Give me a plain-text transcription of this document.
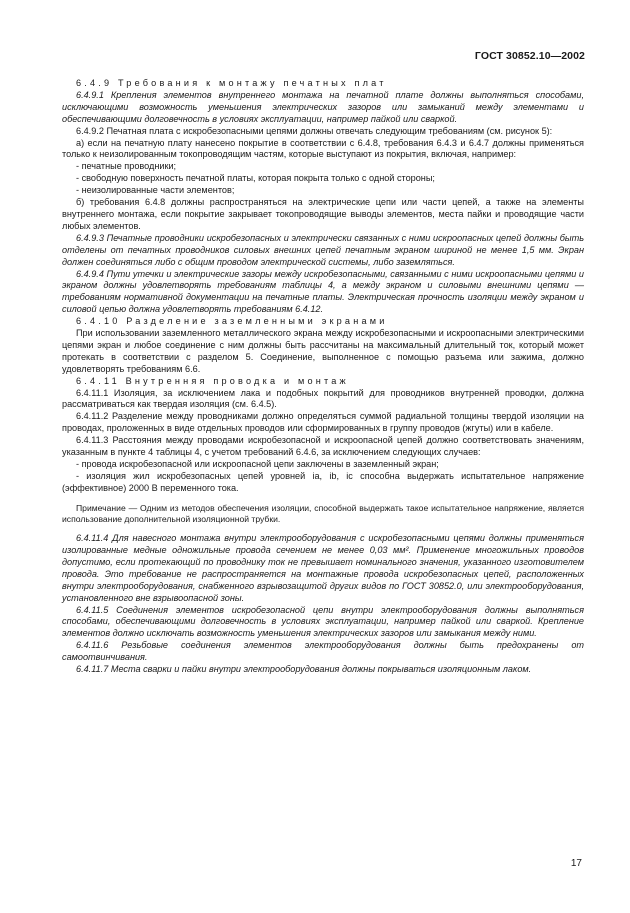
ГОСТ 30852.10—2002

6.4.9 Требования к монтажу печатных плат

6.4.9.1 Крепления элементов внутреннего монтажа на печатной плате должны выполняться способами, исключающими возможность уменьшения электрических зазоров или замыканий между элементами и обеспечивающими долговечность в условиях эксплуатации, например пайкой или сваркой.

6.4.9.2 Печатная плата с искробезопасными цепями должны отвечать следующим требованиям (см. рисунок 5):

а) если на печатную плату нанесено покрытие в соответствии с 6.4.8, требования 6.4.3 и 6.4.7 должны применяться только к неизолированным токопроводящим частям, которые выступают из покрытия, включая, например:

- печатные проводники;

- свободную поверхность печатной платы, которая покрыта только с одной стороны;

- неизолированные части элементов;

б) требования 6.4.8 должны распространяться на электрические цепи или части цепей, а также на элементы внутреннего монтажа, если покрытие закрывает токопроводящие выводы элементов, места пайки и проводящие части любых элементов.

6.4.9.3 Печатные проводники искробезопасных и электрически связанных с ними искроопасных цепей должны быть отделены от печатных проводников силовых внешних цепей печатным экраном шириной не менее 1,5 мм. Экран должен соединяться либо с общим проводом электрической системы, либо заземляться.

6.4.9.4 Пути утечки и электрические зазоры между искробезопасными, связанными с ними искроопасными цепями и экраном должны удовлетворять требованиям таблицы 4, а между экраном и силовыми внешними цепями — требованиям нормативной документации на печатные платы. Электрическая прочность изоляции между экраном и силовой цепью должна удовлетворять требованиям 6.4.12.

6.4.10 Разделение заземленными экранами

При использовании заземленного металлического экрана между искробезопасными и искроопасными электрическими цепями экран и любое соединение с ним должны быть рассчитаны на максимальный длительный ток, который может протекать в соответствии с разделом 5. Соединение, выполненное с помощью разъема или зажима, должно удовлетворять требованиям 6.6.

6.4.11 Внутренняя проводка и монтаж

6.4.11.1 Изоляция, за исключением лака и подобных покрытий для проводников внутренней проводки, должна рассматриваться как твердая изоляция (см. 6.4.5).

6.4.11.2 Разделение между проводниками должно определяться суммой радиальной толщины твердой изоляции на проводах, проложенных в виде отдельных проводов или сформированных в группу проводов (жгуты) или в кабеле.

6.4.11.3 Расстояния между проводами искробезопасной и искроопасной цепей должно соответствовать значениям, указанным в пункте 4 таблицы 4, с учетом требований 6.4.6, за исключением следующих случаев:

- провода искробезопасной или искроопасной цепи заключены в заземленный экран;

- изоляция жил искробезопасных цепей уровней ia, ib, ic способна выдержать испытательное напряжение (эффективное) 2000 В переменного тока.

Примечание — Одним из методов обеспечения изоляции, способной выдержать такое испытательное напряжение, является использование дополнительной изоляционной трубки.

6.4.11.4 Для навесного монтажа внутри электрооборудования с искробезопасными цепями должны применяться изолированные медные одножильные провода сечением не менее 0,03 мм². Применение многожильных проводов допустимо, если протекающий по проводнику ток не превышает номинального значения, указанного изготовителем провода. Это требование не распространяется на монтажные провода искробезопасных цепей, расположенных внутри электрооборудования, снабженного взрывозащитой других видов по ГОСТ 30852.0, или электрооборудования, установленного вне взрывоопасной зоны.

6.4.11.5 Соединения элементов искробезопасной цепи внутри электрооборудования должны выполняться способами, обеспечивающими долговечность в условиях эксплуатации, например пайкой или сваркой. Крепление элементов должно исключать возможность уменьшения электрических зазоров или замыкания между ними.

6.4.11.6 Резьбовые соединения элементов электрооборудования должны быть предохранены от самоотвинчивания.

6.4.11.7 Места сварки и пайки внутри электрооборудования должны покрываться изоляционным лаком.

17
